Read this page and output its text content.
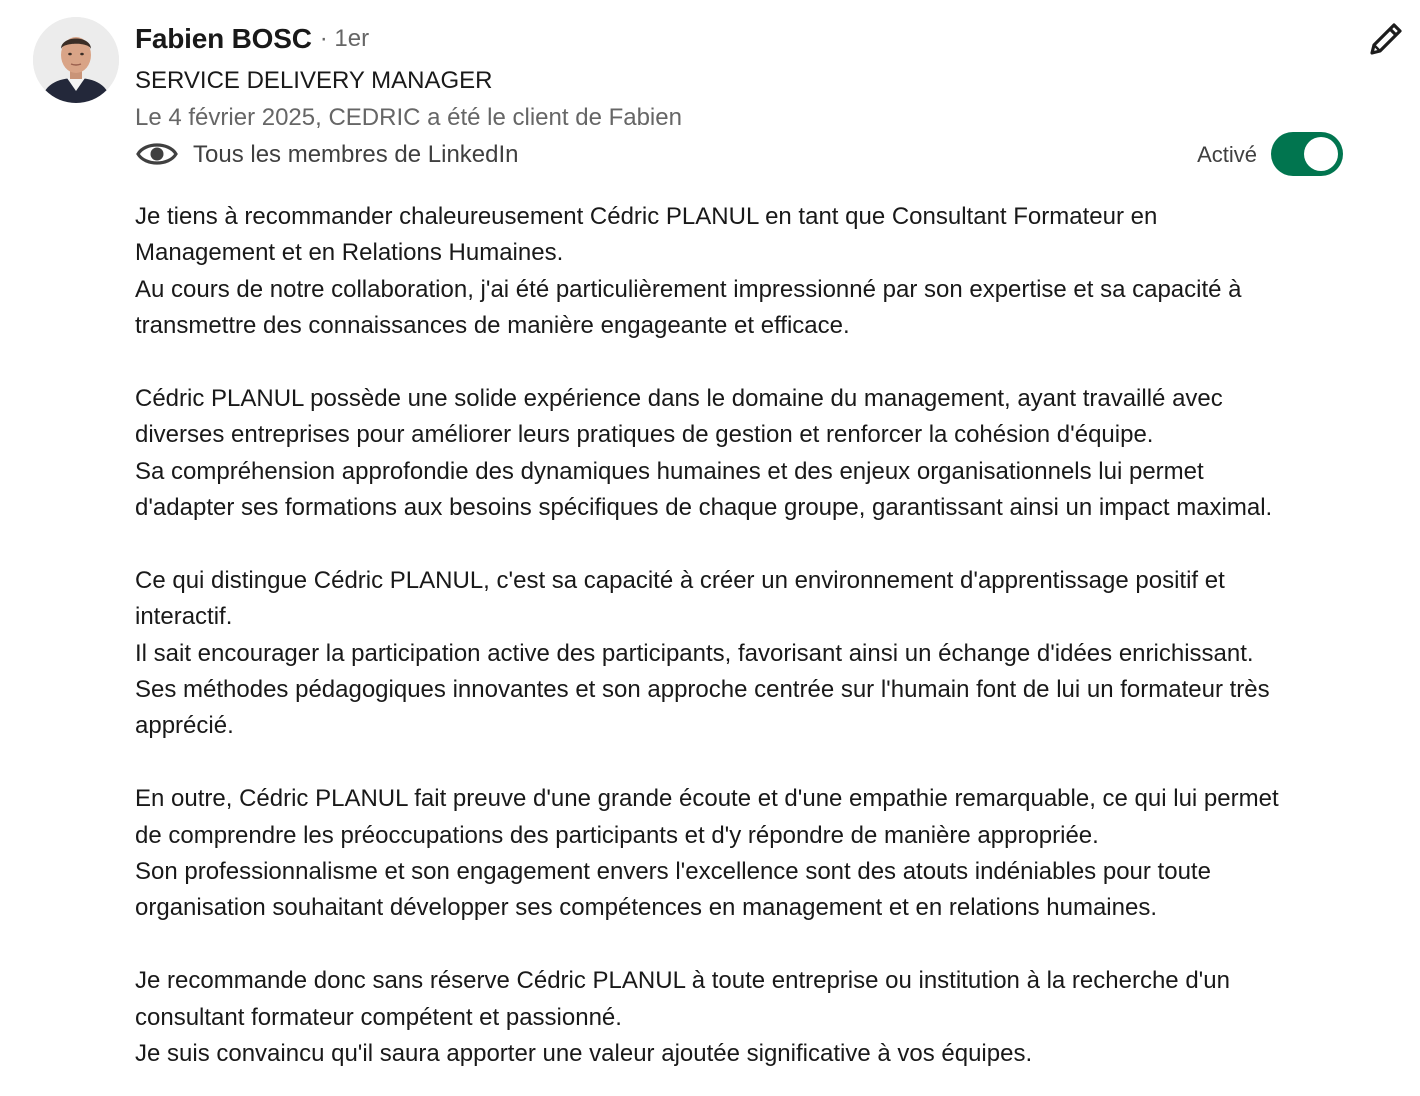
Fabien BOSC · 1er
SERVICE DELIVERY MANAGER
Le 4 février 2025, CEDRIC a été le client de Fabien
Tous les membres de LinkedIn	Activé
Je tiens à recommander chaleureusement Cédric PLANUL en tant que Consultant Formateur en
Management et en Relations Humaines.
Au cours de notre collaboration, j'ai été particulièrement impressionné par son expertise et sa capacité à
transmettre des connaissances de manière engageante et efficace.
Cédric PLANUL possède une solide expérience dans le domaine du management, ayant travaillé avec
diverses entreprises pour améliorer leurs pratiques de gestion et renforcer la cohésion d'équipe.
Sa compréhension approfondie des dynamiques humaines et des enjeux organisationnels lui permet
d'adapter ses formations aux besoins spécifiques de chaque groupe, garantissant ainsi un impact maximal.
Ce qui distingue Cédric PLANUL, c'est sa capacité à créer un environnement d'apprentissage positif et
interactif.
Il sait encourager la participation active des participants, favorisant ainsi un échange d'idées enrichissant.
Ses méthodes pédagogiques innovantes et son approche centrée sur l'humain font de lui un formateur très
apprécié.
En outre, Cédric PLANUL fait preuve d'une grande écoute et d'une empathie remarquable, ce qui lui permet
de comprendre les préoccupations des participants et d'y répondre de manière appropriée.
Son professionnalisme et son engagement envers l'excellence sont des atouts indéniables pour toute
organisation souhaitant développer ses compétences en management et en relations humaines.
Je recommande donc sans réserve Cédric PLANUL à toute entreprise ou institution à la recherche d'un
consultant formateur compétent et passionné.
Je suis convaincu qu'il saura apporter une valeur ajoutée significative à vos équipes.
